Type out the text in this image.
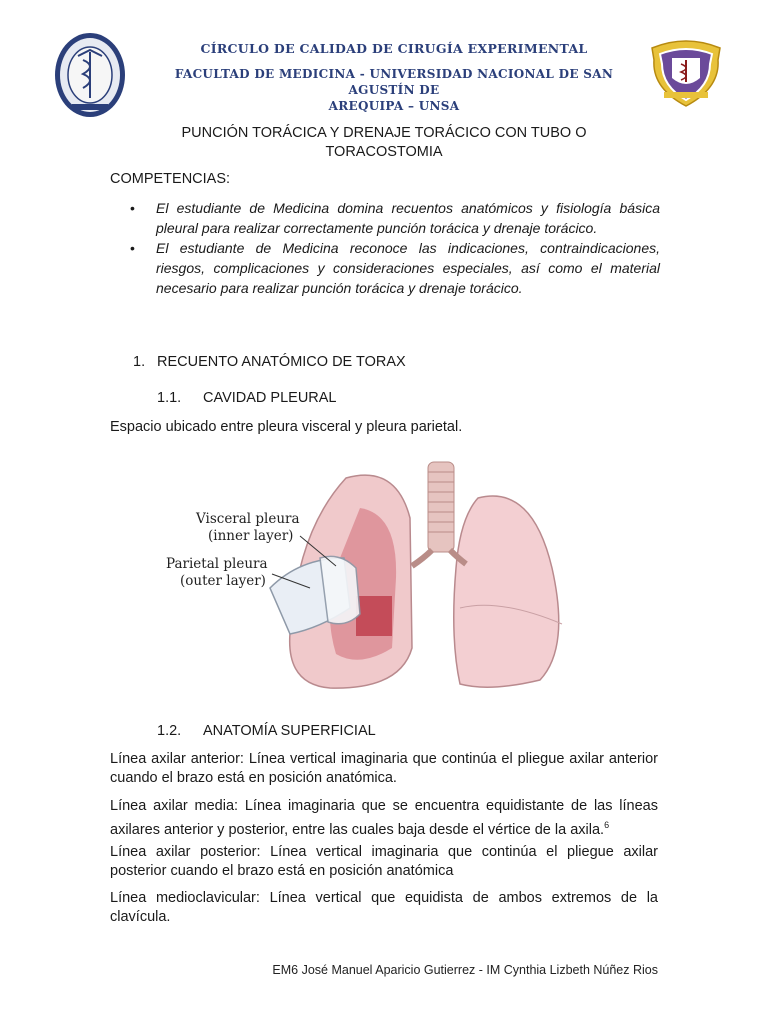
CÍRCULO DE CALIDAD DE CIRUGÍA EXPERIMENTAL
FACULTAD DE MEDICINA - UNIVERSIDAD NACIONAL DE SAN AGUSTÍN DE
AREQUIPA – UNSA
PUNCIÓN TORÁCICA Y DRENAJE TORÁCICO CON TUBO O
TORACOSTOMIA
COMPETENCIAS:
• El estudiante de Medicina domina recuentos anatómicos y fisiología básica pleural para realizar correctamente punción torácica y drenaje torácico.
• El estudiante de Medicina reconoce las indicaciones, contraindicaciones, riesgos, complicaciones y consideraciones especiales, así como el material necesario para realizar punción torácica y drenaje torácico.
1. RECUENTO ANATÓMICO DE TORAX
1.1. CAVIDAD PLEURAL
Espacio ubicado entre pleura visceral y pleura parietal.
Visceral pleura
(inner layer)
Parietal pleura
(outer layer)
1.2. ANATOMÍA SUPERFICIAL
Línea axilar anterior: Línea vertical imaginaria que continúa el pliegue axilar anterior cuando el brazo está en posición anatómica.
Línea axilar media: Línea imaginaria que se encuentra equidistante de las líneas axilares anterior y posterior, entre las cuales baja desde el vértice de la axila.$^6$
Línea axilar posterior: Línea vertical imaginaria que continúa el pliegue axilar posterior cuando el brazo está en posición anatómica
Línea medioclavicular: Línea vertical que equidista de ambos extremos de la clavícula.
EM6 José Manuel Aparicio Gutierrez - IM Cynthia Lizbeth Núñez Rios
